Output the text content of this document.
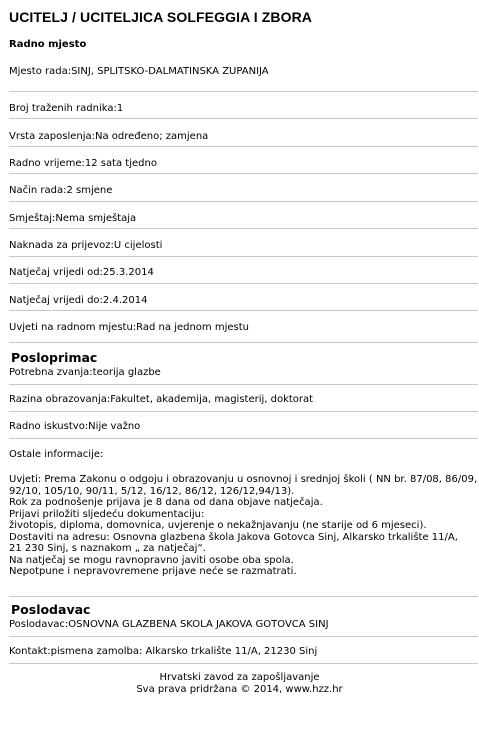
UCITELJ / UCITELJICA SOLFEGGIA I ZBORA
Radno mjesto
Mjesto rada:SINJ, SPLITSKO-DALMATINSKA ZUPANIJA
Broj traženih radnika:1
Vrsta zaposlenja:Na određeno; zamjena
Radno vrijeme:12 sata tjedno
Način rada:2 smjene
Smještaj:Nema smještaja
Naknada za prijevoz:U cijelosti
Natječaj vrijedi od:25.3.2014
Natječaj vrijedi do:2.4.2014
Uvjeti na radnom mjestu:Rad na jednom mjestu
Posloprimac
Potrebna zvanja:teorija glazbe
Razina obrazovanja:Fakultet, akademija, magisterij, doktorat
Radno iskustvo:Nije važno
Ostale informacije:
Uvjeti: Prema Zakonu o odgoju i obrazovanju u osnovnoj i srednjoj školi ( NN br. 87/08, 86/09,
92/10, 105/10, 90/11, 5/12, 16/12, 86/12, 126/12,94/13).
Rok za podnošenje prijava je 8 dana od dana objave natječaja.
Prijavi priložiti sljedeću dokumentaciju:
životopis, diploma, domovnica, uvjerenje o nekažnjavanju (ne starije od 6 mjeseci).
Dostaviti na adresu: Osnovna glazbena škola Jakova Gotovca Sinj, Alkarsko trkalište 11/A,
21 230 Sinj, s naznakom „ za natječaj“.
Na natječaj se mogu ravnopravno javiti osobe oba spola.
Nepotpune i nepravovremene prijave neće se razmatrati.
Poslodavac
Poslodavac:OSNOVNA GLAZBENA SKOLA JAKOVA GOTOVCA SINJ
Kontakt:pismena zamolba: Alkarsko trkalište 11/A, 21230 Sinj
Hrvatski zavod za zapošljavanje
Sva prava pridržana © 2014, www.hzz.hr
